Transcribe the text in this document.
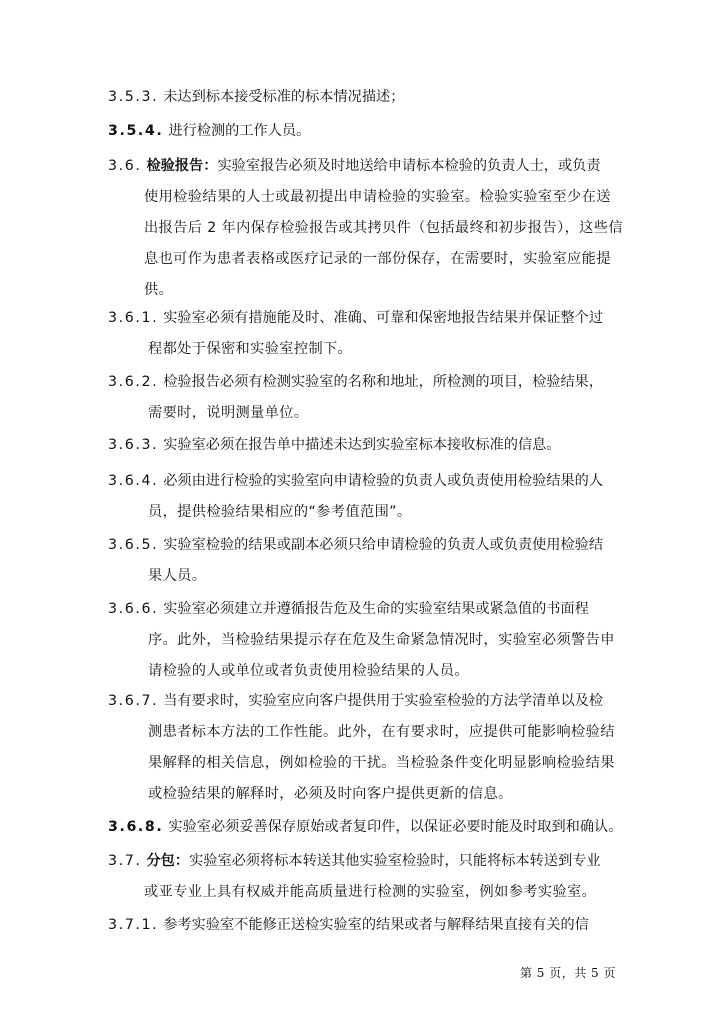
3.5.3. 未达到标本接受标准的标本情况描述；
3.5.4. 进行检测的工作人员。
3.6. 检验报告： 实验室报告必须及时地送给申请标本检验的负责人士，或负责
使用检验结果的人士或最初提出申请检验的实验室。检验实验室至少在送
出报告后 2 年内保存检验报告或其拷贝件（包括最终和初步报告），这些信
息也可作为患者表格或医疗记录的一部份保存，在需要时，实验室应能提
供。
3.6.1. 实验室必须有措施能及时、准确、可靠和保密地报告结果并保证整个过
程都处于保密和实验室控制下。
3.6.2. 检验报告必须有检测实验室的名称和地址，所检测的项目，检验结果，
需要时，说明测量单位。
3.6.3. 实验室必须在报告单中描述未达到实验室标本接收标准的信息。
3.6.4. 必须由进行检验的实验室向申请检验的负责人或负责使用检验结果的人
员，提供检验结果相应的“参考值范围”。
3.6.5. 实验室检验的结果或副本必须只给申请检验的负责人或负责使用检验结
果人员。
3.6.6. 实验室必须建立并遵循报告危及生命的实验室结果或紧急值的书面程
序。此外，当检验结果提示存在危及生命紧急情况时，实验室必须警告申
请检验的人或单位或者负责使用检验结果的人员。
3.6.7. 当有要求时，实验室应向客户提供用于实验室检验的方法学清单以及检
测患者标本方法的工作性能。此外，在有要求时，应提供可能影响检验结
果解释的相关信息，例如检验的干扰。当检验条件变化明显影响检验结果
或检验结果的解释时，必须及时向客户提供更新的信息。
3.6.8. 实验室必须妥善保存原始或者复印件，以保证必要时能及时取到和确认。
3.7. 分包： 实验室必须将标本转送其他实验室检验时，只能将标本转送到专业
或亚专业上具有权威并能高质量进行检测的实验室，例如参考实验室。
3.7.1. 参考实验室不能修正送检实验室的结果或者与解释结果直接有关的信
第 5 页，共 5 页
